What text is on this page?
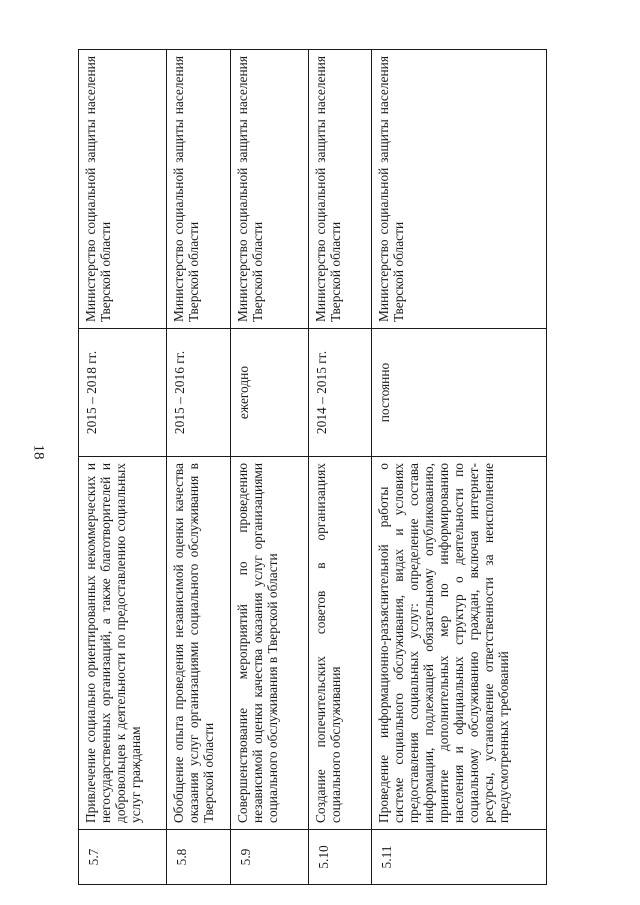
18
5.7	Привлечение социально ориентированных некоммерческих и негосударственных организаций, а также благотворителей и добровольцев к деятельности по предоставлению социальных услуг гражданам	2015 – 2018 гг.	Министерство социальной защиты населения Тверской области
5.8	Обобщение опыта проведения независимой оценки качества оказания услуг организациями социального обслуживания в Тверской области	2015 – 2016 гг.	Министерство социальной защиты населения Тверской области
5.9	Совершенствование мероприятий по проведению независимой оценки качества оказания услуг организациями социального обслуживания в Тверской области	ежегодно	Министерство социальной защиты населения Тверской области
5.10	Создание попечительских советов в организациях социального обслуживания	2014 – 2015 гг.	Министерство социальной защиты населения Тверской области
5.11	Проведение информационно-разъяснительной работы о системе социального обслуживания, видах и условиях предоставления социальных услуг: определение состава информации, подлежащей обязательному опубликованию, принятие дополнительных мер по информированию населения и официальных структур о деятельности по социальному обслуживанию граждан, включая интернет-ресурсы, установление ответственности за неисполнение предусмотренных требований	постоянно	Министерство социальной защиты населения Тверской области
